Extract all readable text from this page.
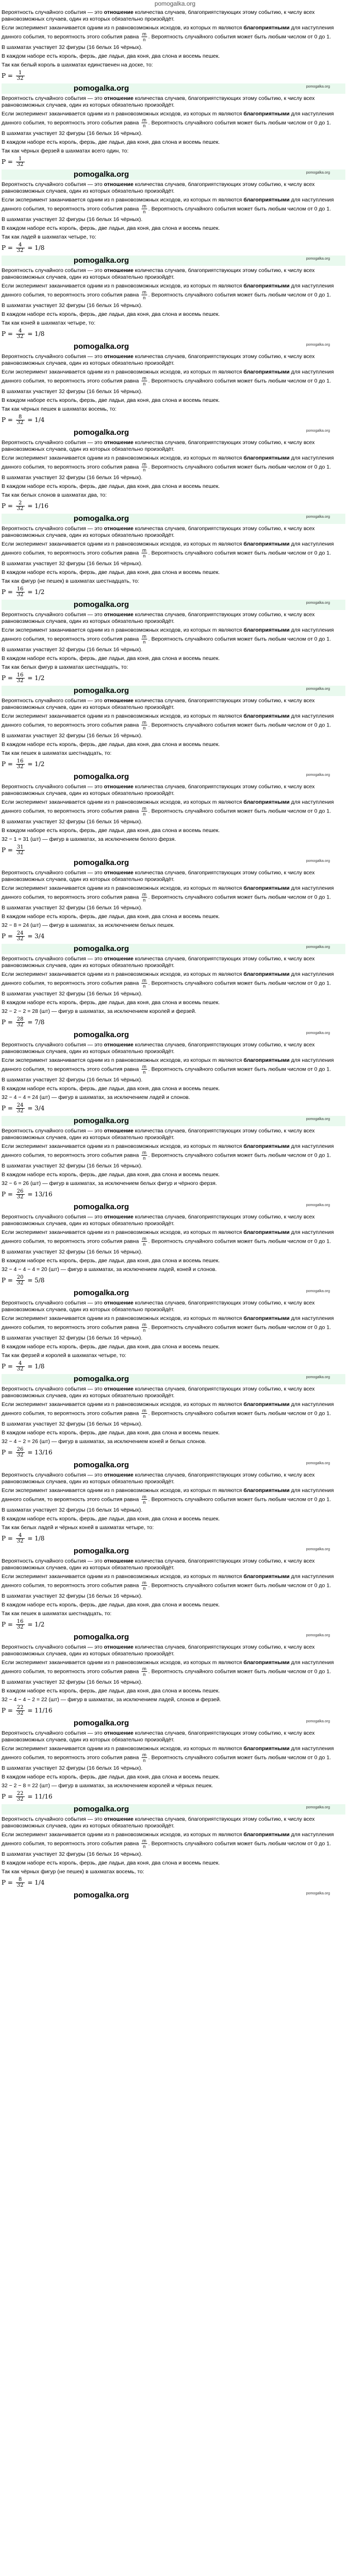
pomogalka.org

Вероятность случайного события — это отношение количества случаев, благоприятствующих этому событию, к числу всех равновозможных случаев, один из которых обязательно произойдёт.

Если эксперимент заканчивается одним из n равновозможных исходов, из которых m являются благоприятными для наступления данного события, то вероятность этого события равна $\frac{m}{n}$ . Вероятность случайного события может быть любым числом от 0 до 1.

В шахматах участвует 32 фигуры (16 белых 16 чёрных).

В каждом наборе есть король, ферзь, две ладьи, два коня, два слона и восемь пешек.

Так как белый король в шахматах единственен на доске, то:

$P = \frac{1}{32}$
pomogalka.org	pomogalka.org

Вероятность случайного события — это отношение количества случаев, благоприятствующих этому событию, к числу всех равновозможных случаев, один из которых обязательно произойдёт.

Если эксперимент заканчивается одним из n равновозможных исходов, из которых m являются благоприятными для наступления данного события, то вероятность этого события равна $\frac{m}{n}$ . Вероятность случайного события может быть любым числом от 0 до 1.

В шахматах участвует 32 фигуры (16 белых 16 чёрных).

В каждом наборе есть король, ферзь, две ладьи, два коня, два слона и восемь пешек.

Так как чёрных ферзей в шахматах всего один, то:

$P = \frac{1}{32}$
pomogalka.org	pomogalka.org

Вероятность случайного события — это отношение количества случаев, благоприятствующих этому событию, к числу всех равновозможных случаев, один из которых обязательно произойдёт.

Если эксперимент заканчивается одним из n равновозможных исходов, из которых m являются благоприятными для наступления данного события, то вероятность этого события равна $\frac{m}{n}$ . Вероятность случайного события может быть любым числом от 0 до 1.

В шахматах участвует 32 фигуры (16 белых 16 чёрных).

В каждом наборе есть король, ферзь, две ладьи, два коня, два слона и восемь пешек.

Так как ладей в шахматах четыре, то:

$P = \frac{4}{32} = 1/8$
pomogalka.org	pomogalka.org

Вероятность случайного события — это отношение количества случаев, благоприятствующих этому событию, к числу всех равновозможных случаев, один из которых обязательно произойдёт.

Если эксперимент заканчивается одним из n равновозможных исходов, из которых m являются благоприятными для наступления данного события, то вероятность этого события равна $\frac{m}{n}$ . Вероятность случайного события может быть любым числом от 0 до 1.

В шахматах участвует 32 фигуры (16 белых 16 чёрных).

В каждом наборе есть король, ферзь, две ладьи, два коня, два слона и восемь пешек.

Так как коней в шахматах четыре, то:

$P = \frac{4}{32} = 1/8$
pomogalka.org	pomogalka.org

Вероятность случайного события — это отношение количества случаев, благоприятствующих этому событию, к числу всех равновозможных случаев, один из которых обязательно произойдёт.

Если эксперимент заканчивается одним из n равновозможных исходов, из которых m являются благоприятными для наступления данного события, то вероятность этого события равна $\frac{m}{n}$ . Вероятность случайного события может быть любым числом от 0 до 1.

В шахматах участвует 32 фигуры (16 белых 16 чёрных).

В каждом наборе есть король, ферзь, две ладьи, два коня, два слона и восемь пешек.

Так как чёрных пешек в шахматах восемь, то:

$P = \frac{8}{32} = 1/4$
pomogalka.org	pomogalka.org

Вероятность случайного события — это отношение количества случаев, благоприятствующих этому событию, к числу всех равновозможных случаев, один из которых обязательно произойдёт.

Если эксперимент заканчивается одним из n равновозможных исходов, из которых m являются благоприятными для наступления данного события, то вероятность этого события равна $\frac{m}{n}$ . Вероятность случайного события может быть любым числом от 0 до 1.

В шахматах участвует 32 фигуры (16 белых 16 чёрных).

В каждом наборе есть король, ферзь, две ладьи, два коня, два слона и восемь пешек.

Так как белых слонов в шахматах два, то:

$P = \frac{2}{32} = 1/16$
pomogalka.org	pomogalka.org

Вероятность случайного события — это отношение количества случаев, благоприятствующих этому событию, к числу всех равновозможных случаев, один из которых обязательно произойдёт.

Если эксперимент заканчивается одним из n равновозможных исходов, из которых m являются благоприятными для наступления данного события, то вероятность этого события равна $\frac{m}{n}$ . Вероятность случайного события может быть любым числом от 0 до 1.

В шахматах участвует 32 фигуры (16 белых 16 чёрных).

В каждом наборе есть король, ферзь, две ладьи, два коня, два слона и восемь пешек.

Так как фигур (не пешек) в шахматах шестнадцать, то:

$P = \frac{16}{32} = 1/2$
pomogalka.org	pomogalka.org

Вероятность случайного события — это отношение количества случаев, благоприятствующих этому событию, к числу всех равновозможных случаев, один из которых обязательно произойдёт.

Если эксперимент заканчивается одним из n равновозможных исходов, из которых m являются благоприятными для наступления данного события, то вероятность этого события равна $\frac{m}{n}$ . Вероятность случайного события может быть любым числом от 0 до 1.

В шахматах участвует 32 фигуры (16 белых 16 чёрных).

В каждом наборе есть король, ферзь, две ладьи, два коня, два слона и восемь пешек.

Так как белых фигур в шахматах шестнадцать, то:

$P = \frac{16}{32} = 1/2$
pomogalka.org	pomogalka.org

Вероятность случайного события — это отношение количества случаев, благоприятствующих этому событию, к числу всех равновозможных случаев, один из которых обязательно произойдёт.

Если эксперимент заканчивается одним из n равновозможных исходов, из которых m являются благоприятными для наступления данного события, то вероятность этого события равна $\frac{m}{n}$ . Вероятность случайного события может быть любым числом от 0 до 1.

В шахматах участвует 32 фигуры (16 белых 16 чёрных).

В каждом наборе есть король, ферзь, две ладьи, два коня, два слона и восемь пешек.

Так как пешек в шахматах шестнадцать, то:

$P = \frac{16}{32} = 1/2$
pomogalka.org	pomogalka.org

Вероятность случайного события — это отношение количества случаев, благоприятствующих этому событию, к числу всех равновозможных случаев, один из которых обязательно произойдёт.

Если эксперимент заканчивается одним из n равновозможных исходов, из которых m являются благоприятными для наступления данного события, то вероятность этого события равна $\frac{m}{n}$ . Вероятность случайного события может быть любым числом от 0 до 1.

В шахматах участвует 32 фигуры (16 белых 16 чёрных).

В каждом наборе есть король, ферзь, две ладьи, два коня, два слона и восемь пешек.

32 − 1 = 31 (шт) — фигур в шахматах, за исключением белого ферзя.

$P = \frac{31}{32}$
pomogalka.org	pomogalka.org

Вероятность случайного события — это отношение количества случаев, благоприятствующих этому событию, к числу всех равновозможных случаев, один из которых обязательно произойдёт.

Если эксперимент заканчивается одним из n равновозможных исходов, из которых m являются благоприятными для наступления данного события, то вероятность этого события равна $\frac{m}{n}$ . Вероятность случайного события может быть любым числом от 0 до 1.

В шахматах участвует 32 фигуры (16 белых 16 чёрных).

В каждом наборе есть король, ферзь, две ладьи, два коня, два слона и восемь пешек.

32 − 8 = 24 (шт) — фигур в шахматах, за исключением белых пешек.

$P = \frac{24}{32} = 3/4$
pomogalka.org	pomogalka.org

Вероятность случайного события — это отношение количества случаев, благоприятствующих этому событию, к числу всех равновозможных случаев, один из которых обязательно произойдёт.

Если эксперимент заканчивается одним из n равновозможных исходов, из которых m являются благоприятными для наступления данного события, то вероятность этого события равна $\frac{m}{n}$ . Вероятность случайного события может быть любым числом от 0 до 1.

В шахматах участвует 32 фигуры (16 белых 16 чёрных).

В каждом наборе есть король, ферзь, две ладьи, два коня, два слона и восемь пешек.

32 − 2 − 2 = 28 (шт) — фигур в шахматах, за исключением королей и ферзей.

$P = \frac{28}{32} = 7/8$
pomogalka.org	pomogalka.org

Вероятность случайного события — это отношение количества случаев, благоприятствующих этому событию, к числу всех равновозможных случаев, один из которых обязательно произойдёт.

Если эксперимент заканчивается одним из n равновозможных исходов, из которых m являются благоприятными для наступления данного события, то вероятность этого события равна $\frac{m}{n}$ . Вероятность случайного события может быть любым числом от 0 до 1.

В шахматах участвует 32 фигуры (16 белых 16 чёрных).

В каждом наборе есть король, ферзь, две ладьи, два коня, два слона и восемь пешек.

32 − 4 − 4 = 24 (шт) — фигур в шахматах, за исключением ладей и слонов.

$P = \frac{24}{32} = 3/4$
pomogalka.org	pomogalka.org

Вероятность случайного события — это отношение количества случаев, благоприятствующих этому событию, к числу всех равновозможных случаев, один из которых обязательно произойдёт.

Если эксперимент заканчивается одним из n равновозможных исходов, из которых m являются благоприятными для наступления данного события, то вероятность этого события равна $\frac{m}{n}$ . Вероятность случайного события может быть любым числом от 0 до 1.

В шахматах участвует 32 фигуры (16 белых 16 чёрных).

В каждом наборе есть король, ферзь, две ладьи, два коня, два слона и восемь пешек.

32 − 6 = 26 (шт) — фигур в шахматах, за исключением белых фигур и чёрного ферзя.

$P = \frac{26}{32} = 13/16$
pomogalka.org	pomogalka.org

Вероятность случайного события — это отношение количества случаев, благоприятствующих этому событию, к числу всех равновозможных случаев, один из которых обязательно произойдёт.

Если эксперимент заканчивается одним из n равновозможных исходов, из которых m являются благоприятными для наступления данного события, то вероятность этого события равна $\frac{m}{n}$ . Вероятность случайного события может быть любым числом от 0 до 1.

В шахматах участвует 32 фигуры (16 белых 16 чёрных).

В каждом наборе есть король, ферзь, две ладьи, два коня, два слона и восемь пешек.

32 − 4 − 4 − 4 = 20 (шт) — фигур в шахматах, за исключением ладей, коней и слонов.

$P = \frac{20}{32} = 5/8$
pomogalka.org	pomogalka.org

Вероятность случайного события — это отношение количества случаев, благоприятствующих этому событию, к числу всех равновозможных случаев, один из которых обязательно произойдёт.

Если эксперимент заканчивается одним из n равновозможных исходов, из которых m являются благоприятными для наступления данного события, то вероятность этого события равна $\frac{m}{n}$ . Вероятность случайного события может быть любым числом от 0 до 1.

В шахматах участвует 32 фигуры (16 белых 16 чёрных).

В каждом наборе есть король, ферзь, две ладьи, два коня, два слона и восемь пешек.

Так как ферзей и королей в шахматах четыре, то:

$P = \frac{4}{32} = 1/8$
pomogalka.org	pomogalka.org

Вероятность случайного события — это отношение количества случаев, благоприятствующих этому событию, к числу всех равновозможных случаев, один из которых обязательно произойдёт.

Если эксперимент заканчивается одним из n равновозможных исходов, из которых m являются благоприятными для наступления данного события, то вероятность этого события равна $\frac{m}{n}$ . Вероятность случайного события может быть любым числом от 0 до 1.

В шахматах участвует 32 фигуры (16 белых 16 чёрных).

В каждом наборе есть король, ферзь, две ладьи, два коня, два слона и восемь пешек.

32 − 4 − 2 = 26 (шт) — фигур в шахматах, за исключением коней и белых слонов.

$P = \frac{26}{32} = 13/16$
pomogalka.org	pomogalka.org

Вероятность случайного события — это отношение количества случаев, благоприятствующих этому событию, к числу всех равновозможных случаев, один из которых обязательно произойдёт.

Если эксперимент заканчивается одним из n равновозможных исходов, из которых m являются благоприятными для наступления данного события, то вероятность этого события равна $\frac{m}{n}$ . Вероятность случайного события может быть любым числом от 0 до 1.

В шахматах участвует 32 фигуры (16 белых 16 чёрных).

В каждом наборе есть король, ферзь, две ладьи, два коня, два слона и восемь пешек.

Так как белых ладей и чёрных коней в шахматах четыре, то:

$P = \frac{4}{32} = 1/8$
pomogalka.org	pomogalka.org

Вероятность случайного события — это отношение количества случаев, благоприятствующих этому событию, к числу всех равновозможных случаев, один из которых обязательно произойдёт.

Если эксперимент заканчивается одним из n равновозможных исходов, из которых m являются благоприятными для наступления данного события, то вероятность этого события равна $\frac{m}{n}$ . Вероятность случайного события может быть любым числом от 0 до 1.

В шахматах участвует 32 фигуры (16 белых 16 чёрных).

В каждом наборе есть король, ферзь, две ладьи, два коня, два слона и восемь пешек.

Так как пешек в шахматах шестнадцать, то:

$P = \frac{16}{32} = 1/2$
pomogalka.org	pomogalka.org

Вероятность случайного события — это отношение количества случаев, благоприятствующих этому событию, к числу всех равновозможных случаев, один из которых обязательно произойдёт.

Если эксперимент заканчивается одним из n равновозможных исходов, из которых m являются благоприятными для наступления данного события, то вероятность этого события равна $\frac{m}{n}$ . Вероятность случайного события может быть любым числом от 0 до 1.

В шахматах участвует 32 фигуры (16 белых 16 чёрных).

В каждом наборе есть король, ферзь, две ладьи, два коня, два слона и восемь пешек.

32 − 4 − 4 − 2 = 22 (шт) — фигур в шахматах, за исключением ладей, слонов и ферзей.

$P = \frac{22}{32} = 11/16$
pomogalka.org	pomogalka.org

Вероятность случайного события — это отношение количества случаев, благоприятствующих этому событию, к числу всех равновозможных случаев, один из которых обязательно произойдёт.

Если эксперимент заканчивается одним из n равновозможных исходов, из которых m являются благоприятными для наступления данного события, то вероятность этого события равна $\frac{m}{n}$ . Вероятность случайного события может быть любым числом от 0 до 1.

В шахматах участвует 32 фигуры (16 белых 16 чёрных).

В каждом наборе есть король, ферзь, две ладьи, два коня, два слона и восемь пешек.

32 − 2 − 8 = 22 (шт) — фигур в шахматах, за исключением королей и чёрных пешек.

$P = \frac{22}{32} = 11/16$
pomogalka.org	pomogalka.org

Вероятность случайного события — это отношение количества случаев, благоприятствующих этому событию, к числу всех равновозможных случаев, один из которых обязательно произойдёт.

Если эксперимент заканчивается одним из n равновозможных исходов, из которых m являются благоприятными для наступления данного события, то вероятность этого события равна $\frac{m}{n}$ . Вероятность случайного события может быть любым числом от 0 до 1.

В шахматах участвует 32 фигуры (16 белых 16 чёрных).

В каждом наборе есть король, ферзь, две ладьи, два коня, два слона и восемь пешек.

Так как чёрных фигур (не пешек) в шахматах восемь, то:

$P = \frac{8}{32} = 1/4$
pomogalka.org	pomogalka.org
